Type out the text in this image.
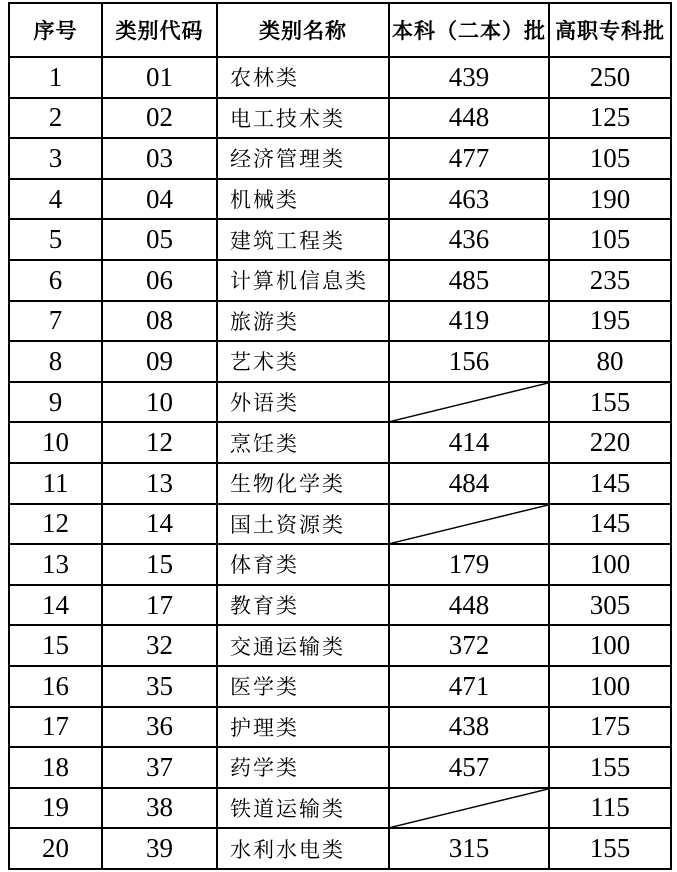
序号	类别代码	类别名称	本科（二本）批	高职专科批
1	01	农林类	439	250
2	02	电工技术类	448	125
3	03	经济管理类	477	105
4	04	机械类	463	190
5	05	建筑工程类	436	105
6	06	计算机信息类	485	235
7	08	旅游类	419	195
8	09	艺术类	156	80
9	10	外语类		155
10	12	烹饪类	414	220
11	13	生物化学类	484	145
12	14	国土资源类		145
13	15	体育类	179	100
14	17	教育类	448	305
15	32	交通运输类	372	100
16	35	医学类	471	100
17	36	护理类	438	175
18	37	药学类	457	155
19	38	铁道运输类		115
20	39	水利水电类	315	155
